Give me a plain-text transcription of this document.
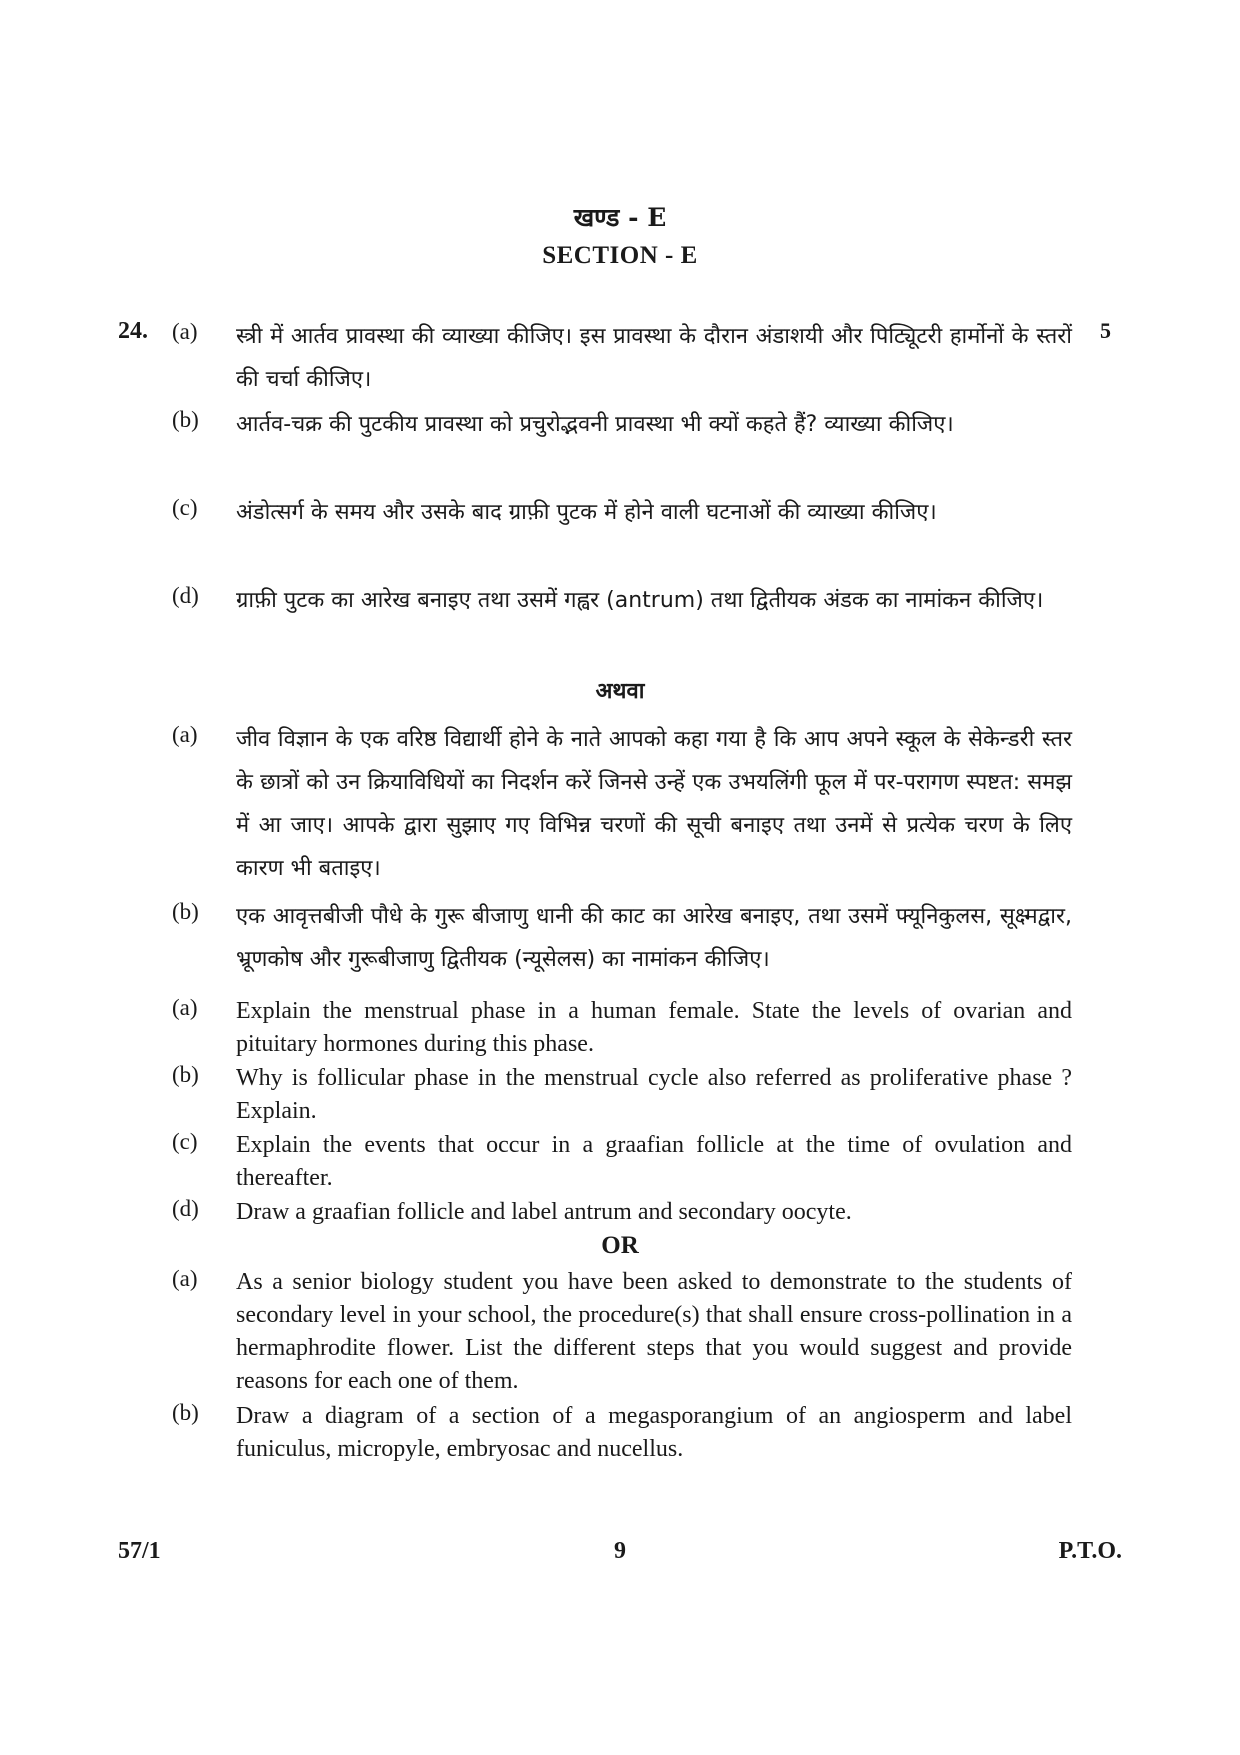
खण्ड - E
SECTION - E
24.	5
(a)	स्त्री में आर्तव प्रावस्था की व्याख्या कीजिए। इस प्रावस्था के दौरान अंडाशयी और पिट्यिूटरी हार्मोनों के स्तरों की चर्चा कीजिए।
(b)	आर्तव-चक्र की पुटकीय प्रावस्था को प्रचुरोद्भवनी प्रावस्था भी क्यों कहते हैं? व्याख्या कीजिए।
(c)	अंडोत्सर्ग के समय और उसके बाद ग्राफ़ी पुटक में होने वाली घटनाओं की व्याख्या कीजिए।
(d)	ग्राफ़ी पुटक का आरेख बनाइए तथा उसमें गह्वर (antrum) तथा द्वितीयक अंडक का नामांकन कीजिए।
अथवा
(a)	जीव विज्ञान के एक वरिष्ठ विद्यार्थी होने के नाते आपको कहा गया है कि आप अपने स्कूल के सेकेन्डरी स्तर के छात्रों को उन क्रियाविधियों का निदर्शन करें जिनसे उन्हें एक उभयलिंगी फूल में पर-परागण स्पष्टत: समझ में आ जाए। आपके द्वारा सुझाए गए विभिन्न चरणों की सूची बनाइए तथा उनमें से प्रत्येक चरण के लिए कारण भी बताइए।
(b)	एक आवृत्तबीजी पौधे के गुरू बीजाणु धानी की काट का आरेख बनाइए, तथा उसमें फ्यूनिकुलस, सूक्ष्मद्वार, भ्रूणकोष और गुरूबीजाणु द्वितीयक (न्यूसेलस) का नामांकन कीजिए।
(a)	Explain the menstrual phase in a human female. State the levels of ovarian and pituitary hormones during this phase.
(b)	Why is follicular phase in the menstrual cycle also referred as proliferative phase ? Explain.
(c)	Explain the events that occur in a graafian follicle at the time of ovulation and thereafter.
(d)	Draw a graafian follicle and label antrum and secondary oocyte.
OR
(a)	As a senior biology student you have been asked to demonstrate to the students of secondary level in your school, the procedure(s) that shall ensure cross-pollination in a hermaphrodite flower. List the different steps that you would suggest and provide reasons for each one of them.
(b)	Draw a diagram of a section of a megasporangium of an angiosperm and label funiculus, micropyle, embryosac and nucellus.
57/1	9	P.T.O.
